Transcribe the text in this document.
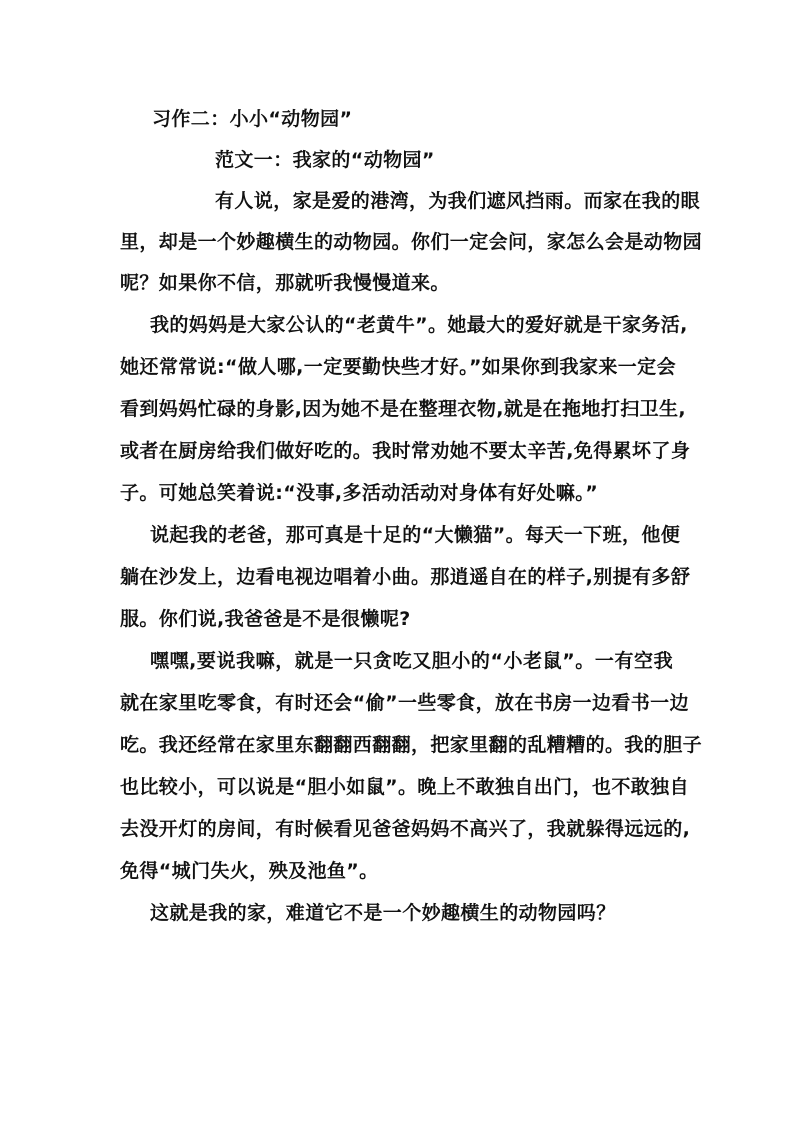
习作二：小小“动物园”
范文一：我家的“动物园”
有人说，家是爱的港湾，为我们遮风挡雨。而家在我的眼
里，却是一个妙趣横生的动物园。你们一定会问，家怎么会是动物园
呢？如果你不信，那就听我慢慢道来。
我的妈妈是大家公认的“老黄牛”。她最大的爱好就是干家务活,
她还常常说:“做人哪,一定要勤快些才好。”如果你到我家来一定会
看到妈妈忙碌的身影,因为她不是在整理衣物,就是在拖地打扫卫生,
或者在厨房给我们做好吃的。我时常劝她不要太辛苦,免得累坏了身
子。可她总笑着说:“没事,多活动活动对身体有好处嘛。”
说起我的老爸，那可真是十足的“大懒猫”。每天一下班，他便
躺在沙发上，边看电视边唱着小曲。那逍遥自在的样子,别提有多舒
服。你们说,我爸爸是不是很懒呢?
嘿嘿,要说我嘛，就是一只贪吃又胆小的“小老鼠”。一有空我
就在家里吃零食，有时还会“偷”一些零食，放在书房一边看书一边
吃。我还经常在家里东翻翻西翻翻，把家里翻的乱糟糟的。我的胆子
也比较小，可以说是“胆小如鼠”。晚上不敢独自出门，也不敢独自
去没开灯的房间，有时候看见爸爸妈妈不高兴了，我就躲得远远的,
免得“城门失火，殃及池鱼”。
这就是我的家，难道它不是一个妙趣横生的动物园吗？
